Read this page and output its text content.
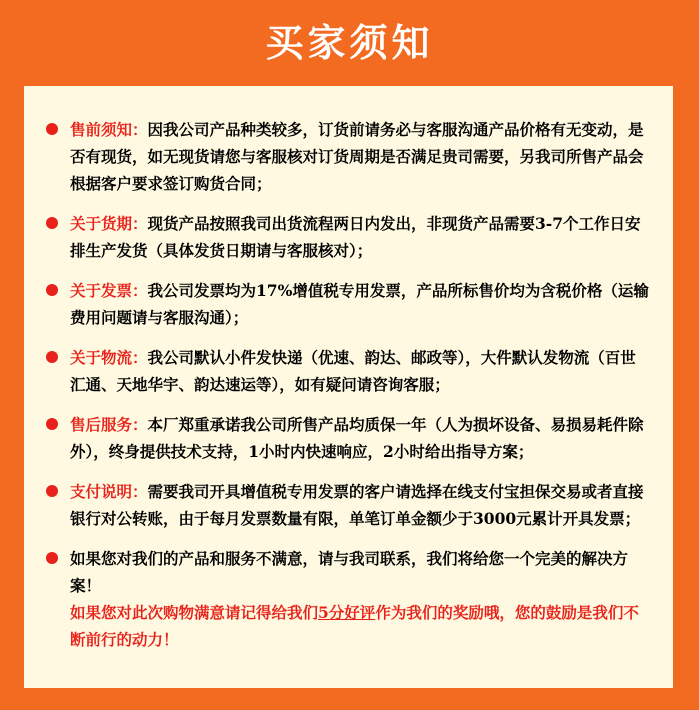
买家须知
售前须知：因我公司产品种类较多，订货前请务必与客服沟通产品价格有无变动，是否有现货，如无现货请您与客服核对订货周期是否满足贵司需要，另我司所售产品会根据客户要求签订购货合同；
关于货期：现货产品按照我司出货流程两日内发出，非现货产品需要3-7个工作日安排生产发货（具体发货日期请与客服核对）；
关于发票：我公司发票均为17%增值税专用发票，产品所标售价均为含税价格（运输费用问题请与客服沟通）；
关于物流：我公司默认小件发快递（优速、韵达、邮政等），大件默认发物流（百世汇通、天地华宇、韵达速运等），如有疑问请咨询客服；
售后服务：本厂郑重承诺我公司所售产品均质保一年（人为损坏设备、易损易耗件除外），终身提供技术支持，1小时内快速响应，2小时给出指导方案；
支付说明：需要我司开具增值税专用发票的客户请选择在线支付宝担保交易或者直接银行对公转账，由于每月发票数量有限，单笔订单金额少于3000元累计开具发票；
如果您对我们的产品和服务不满意，请与我司联系，我们将给您一个完美的解决方案！
如果您对此次购物满意请记得给我们5分好评作为我们的奖励哦，您的鼓励是我们不断前行的动力！
